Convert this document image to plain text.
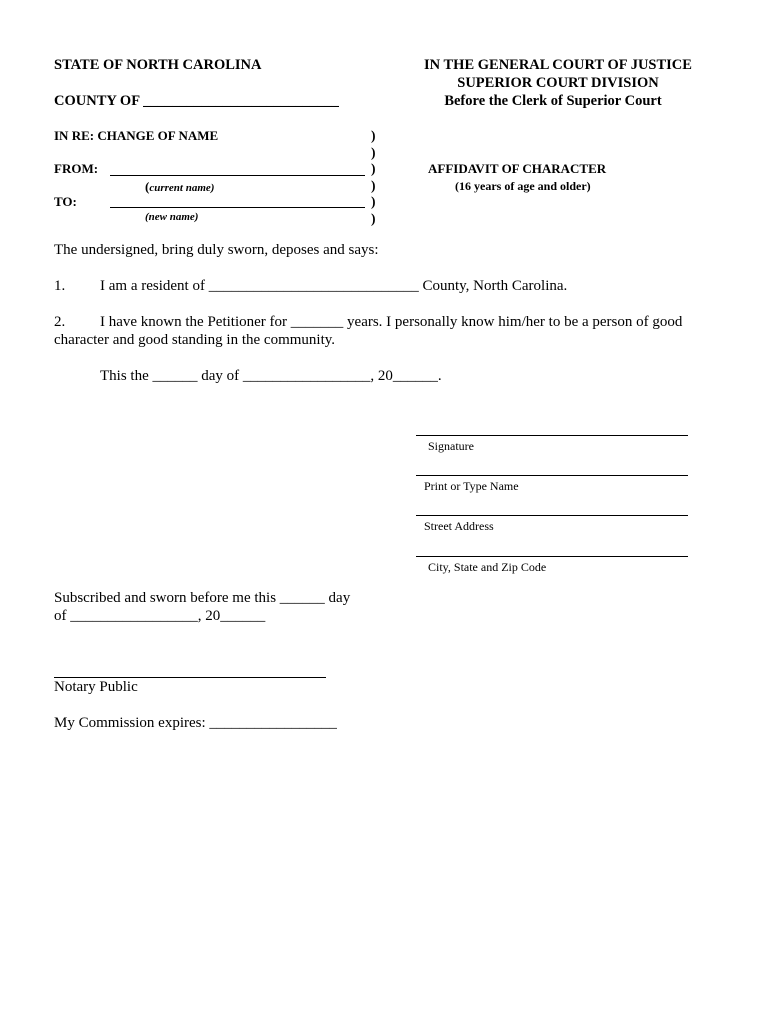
STATE OF NORTH CAROLINA
COUNTY OF ___________________________
IN THE GENERAL COURT OF JUSTICE
SUPERIOR COURT DIVISION
Before the Clerk of Superior Court
IN RE: CHANGE OF NAME
FROM:
(current name)
TO:
(new name)
)
)
)
)
)
)
AFFIDAVIT OF CHARACTER
(16 years of age and older)
The undersigned, bring duly sworn, deposes and says:
1. I am a resident of ____________________________ County, North Carolina.
2. I have known the Petitioner for _______ years. I personally know him/her to be a person of good
character and good standing in the community.
This the ______ day of _________________, 20______.
Signature
Print or Type Name
Street Address
City, State and Zip Code
Subscribed and sworn before me this ______ day
of _________________, 20______
Notary Public
My Commission expires: _________________
